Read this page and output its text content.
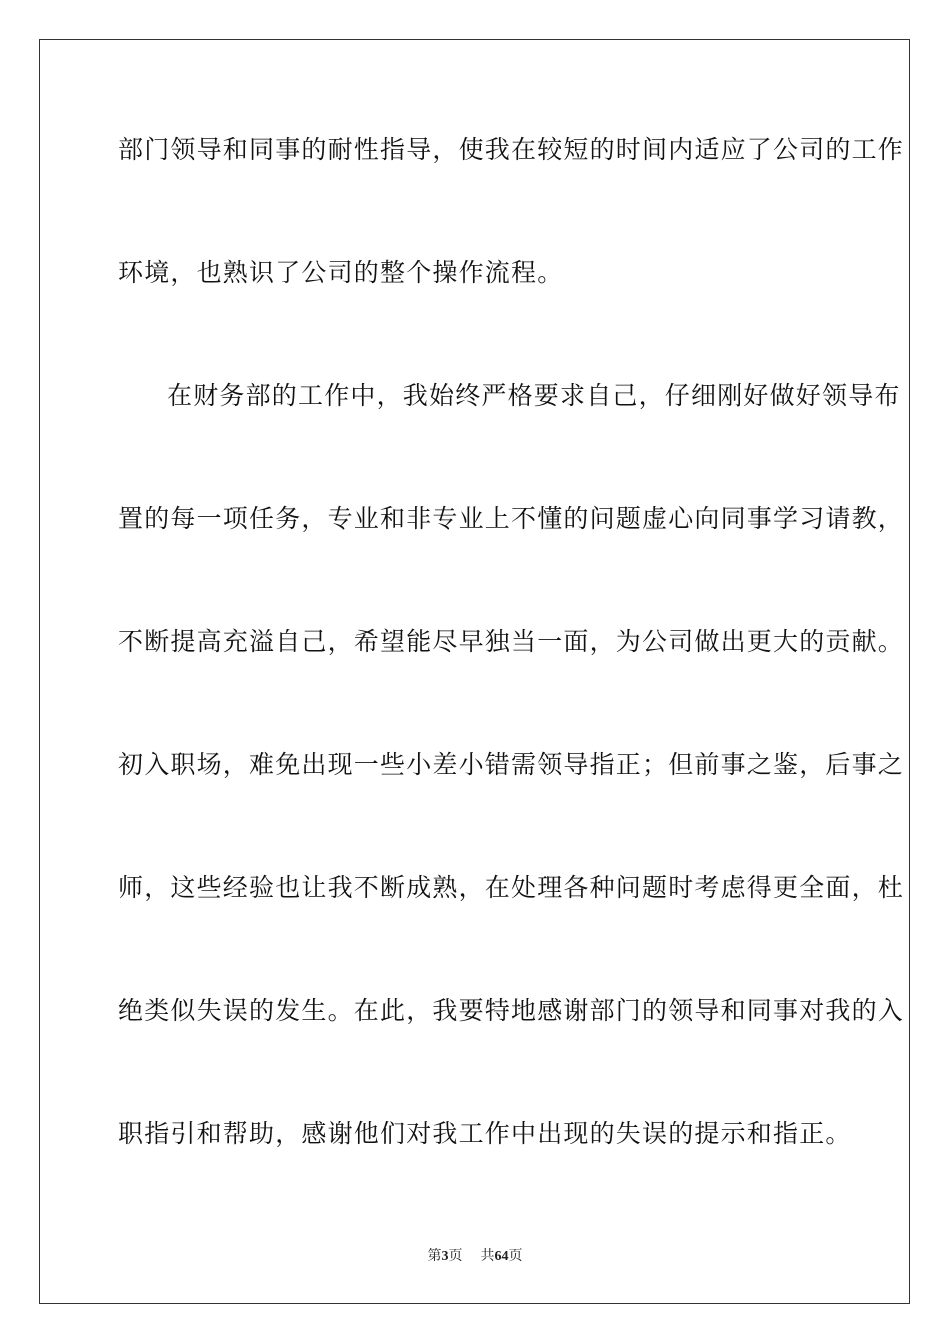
部门领导和同事的耐性指导，使我在较短的时间内适应了公司的工作
环境，也熟识了公司的整个操作流程。
在财务部的工作中，我始终严格要求自己，仔细刚好做好领导布
置的每一项任务，专业和非专业上不懂的问题虚心向同事学习请教，
不断提高充溢自己，希望能尽早独当一面，为公司做出更大的贡献。
初入职场，难免出现一些小差小错需领导指正；但前事之鉴，后事之
师，这些经验也让我不断成熟，在处理各种问题时考虑得更全面，杜
绝类似失误的发生。在此，我要特地感谢部门的领导和同事对我的入
职指引和帮助，感谢他们对我工作中出现的失误的提示和指正。
第3页 共64页
